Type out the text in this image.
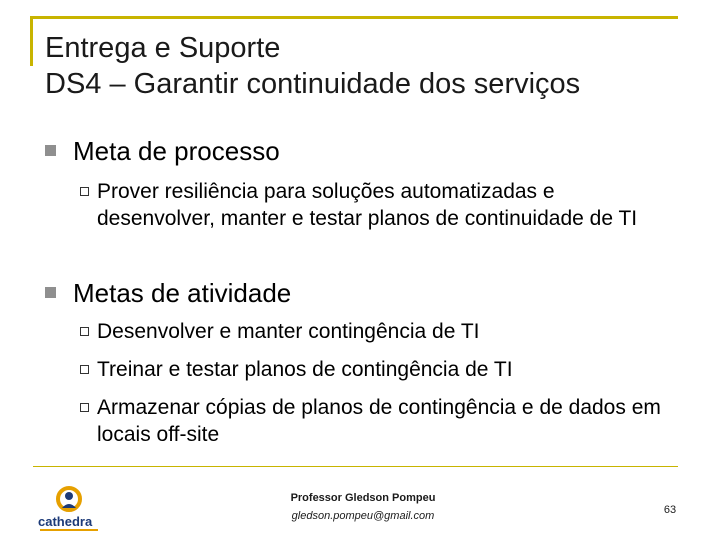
Entrega e Suporte
DS4 – Garantir continuidade dos serviços
Meta de processo
Prover resiliência para soluções automatizadas e desenvolver, manter e testar planos de continuidade de TI
Metas de atividade
Desenvolver e manter contingência de TI
Treinar e testar planos de contingência de TI
Armazenar cópias de planos de contingência e de dados em locais off-site
cathedra
Professor Gledson Pompeu
gledson.pompeu@gmail.com	63
